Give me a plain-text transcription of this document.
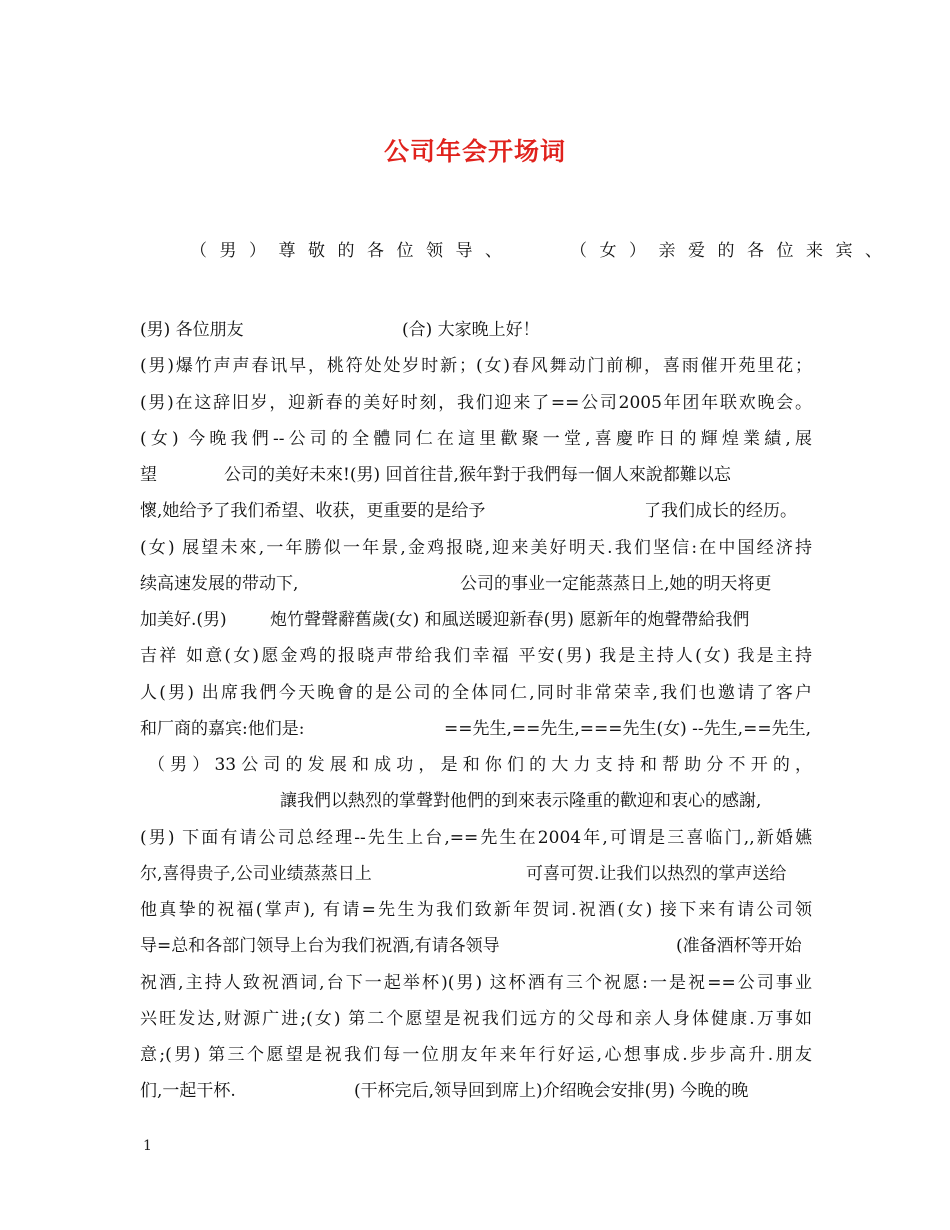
公司年会开场词
（男）尊敬的各位领导、	（女）亲爱的各位来宾、
(男) 各位朋友	(合) 大家晚上好！
(男)爆竹声声春讯早，桃符处处岁时新；(女)春风舞动门前柳，喜雨催开苑里花；
(男)在这辞旧岁，迎新春的美好时刻，我们迎来了==公司2005年团年联欢晚会。
(女) 今晚我們--公司的全體同仁在這里歡聚一堂,喜慶昨日的輝煌業績,展
望	公司的美好未來!(男) 回首往昔,猴年對于我們每一個人來說都難以忘
懷,她给予了我们希望、收获，更重要的是给予	了我们成长的经历。
(女) 展望未來,一年勝似一年景,金鸡报晓,迎来美好明天.我们坚信:在中国经济持
续高速发展的带动下,	公司的事业一定能蒸蒸日上,她的明天将更
加美好.(男)	炮竹聲聲辭舊歲(女) 和風送暖迎新春(男) 愿新年的炮聲帶給我們
吉祥 如意(女)愿金鸡的报晓声带给我们幸福 平安(男) 我是主持人(女) 我是主持
人(男) 出席我們今天晚會的是公司的全体同仁,同时非常荣幸,我们也邀请了客户
和厂商的嘉宾:他们是:	==先生,==先生,===先生(女) --先生,==先生,
（男）33公司的发展和成功，是和你们的大力支持和帮助分不开的，
讓我們以熱烈的掌聲對他們的到來表示隆重的歡迎和衷心的感謝,
(男) 下面有请公司总经理--先生上台,==先生在2004年,可谓是三喜临门,,新婚嬿
尔,喜得贵子,公司业绩蒸蒸日上	可喜可贺.让我们以热烈的掌声送给
他真挚的祝福(掌声), 有请=先生为我们致新年贺词.祝酒(女) 接下来有请公司领
导=总和各部门领导上台为我们祝酒,有请各领导	(准备酒杯等开始
祝酒,主持人致祝酒词,台下一起举杯)(男) 这杯酒有三个祝愿:一是祝==公司事业
兴旺发达,财源广进;(女) 第二个愿望是祝我们远方的父母和亲人身体健康.万事如
意;(男) 第三个愿望是祝我们每一位朋友年来年行好运,心想事成.步步高升.朋友
们,一起干杯.	(干杯完后,领导回到席上)介绍晚会安排(男) 今晚的晚
1
